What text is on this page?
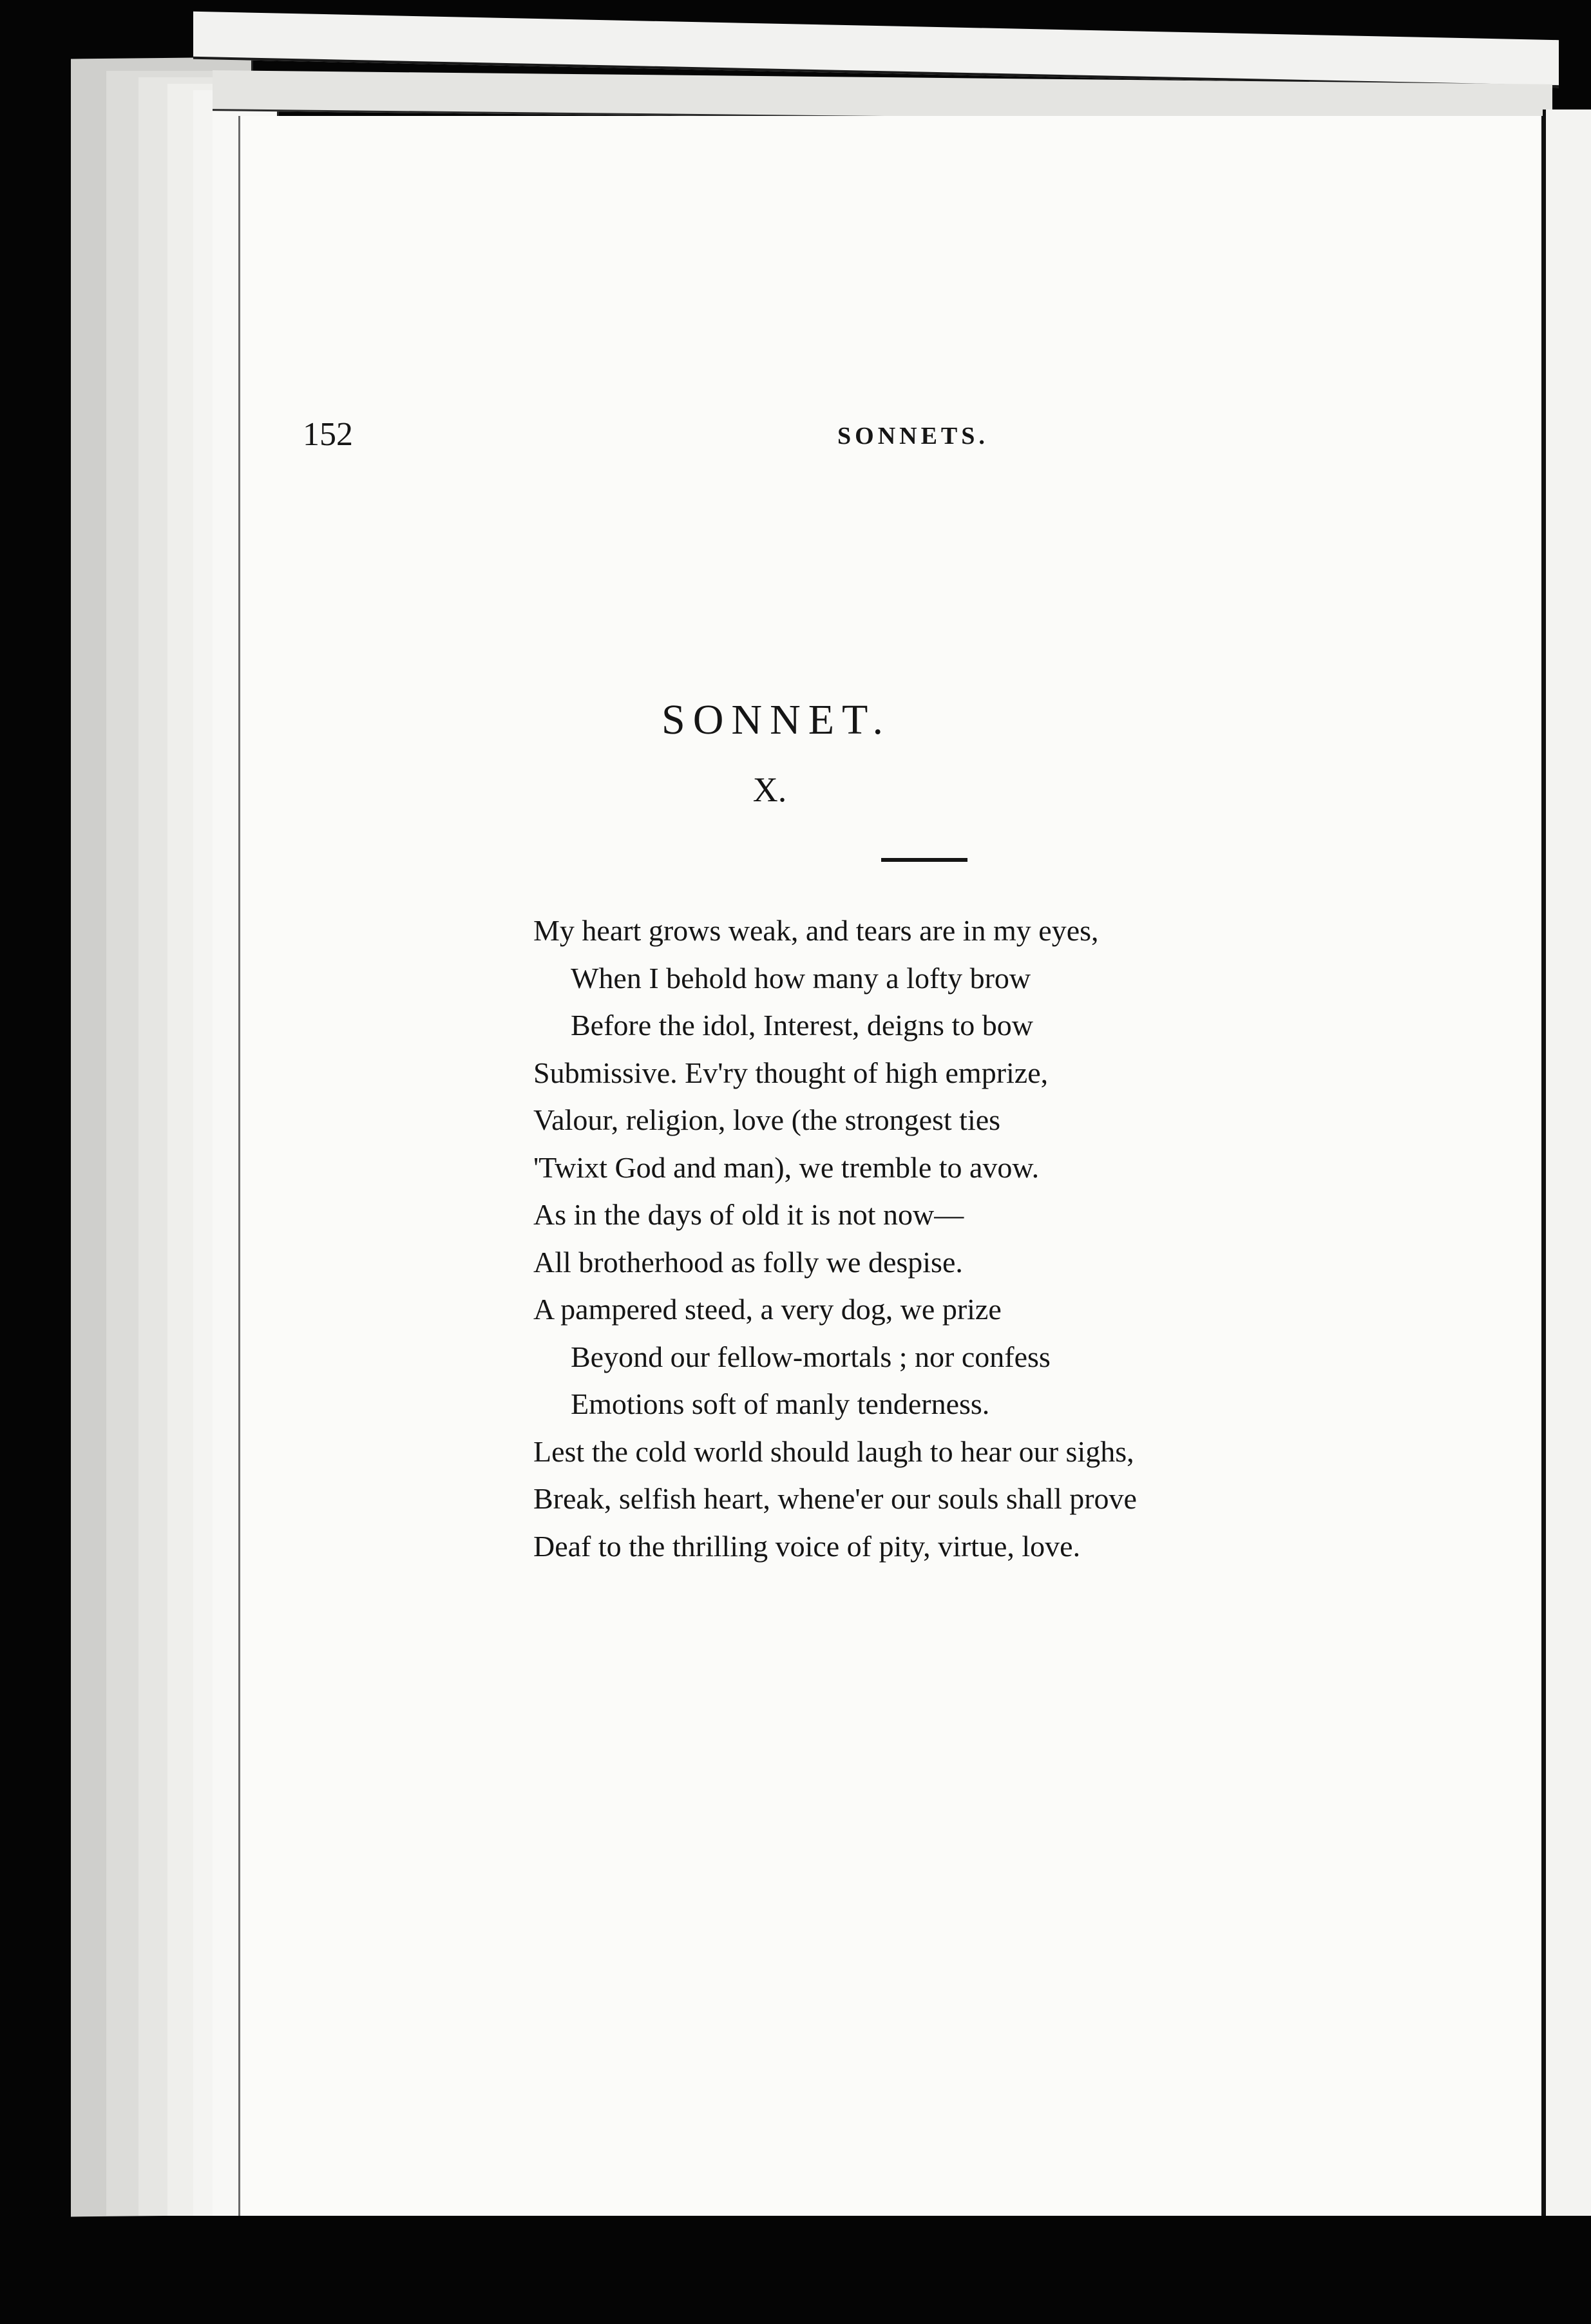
152	SONNETS.
SONNET.
X.
My heart grows weak, and tears are in my eyes,
When I behold how many a lofty brow
Before the idol, Interest, deigns to bow
Submissive. Ev'ry thought of high emprize,
Valour, religion, love (the strongest ties
'Twixt God and man), we tremble to avow.
As in the days of old it is not now—
All brotherhood as folly we despise.
A pampered steed, a very dog, we prize
Beyond our fellow-mortals ; nor confess
Emotions soft of manly tenderness.
Lest the cold world should laugh to hear our sighs,
Break, selfish heart, whene'er our souls shall prove
Deaf to the thrilling voice of pity, virtue, love.
